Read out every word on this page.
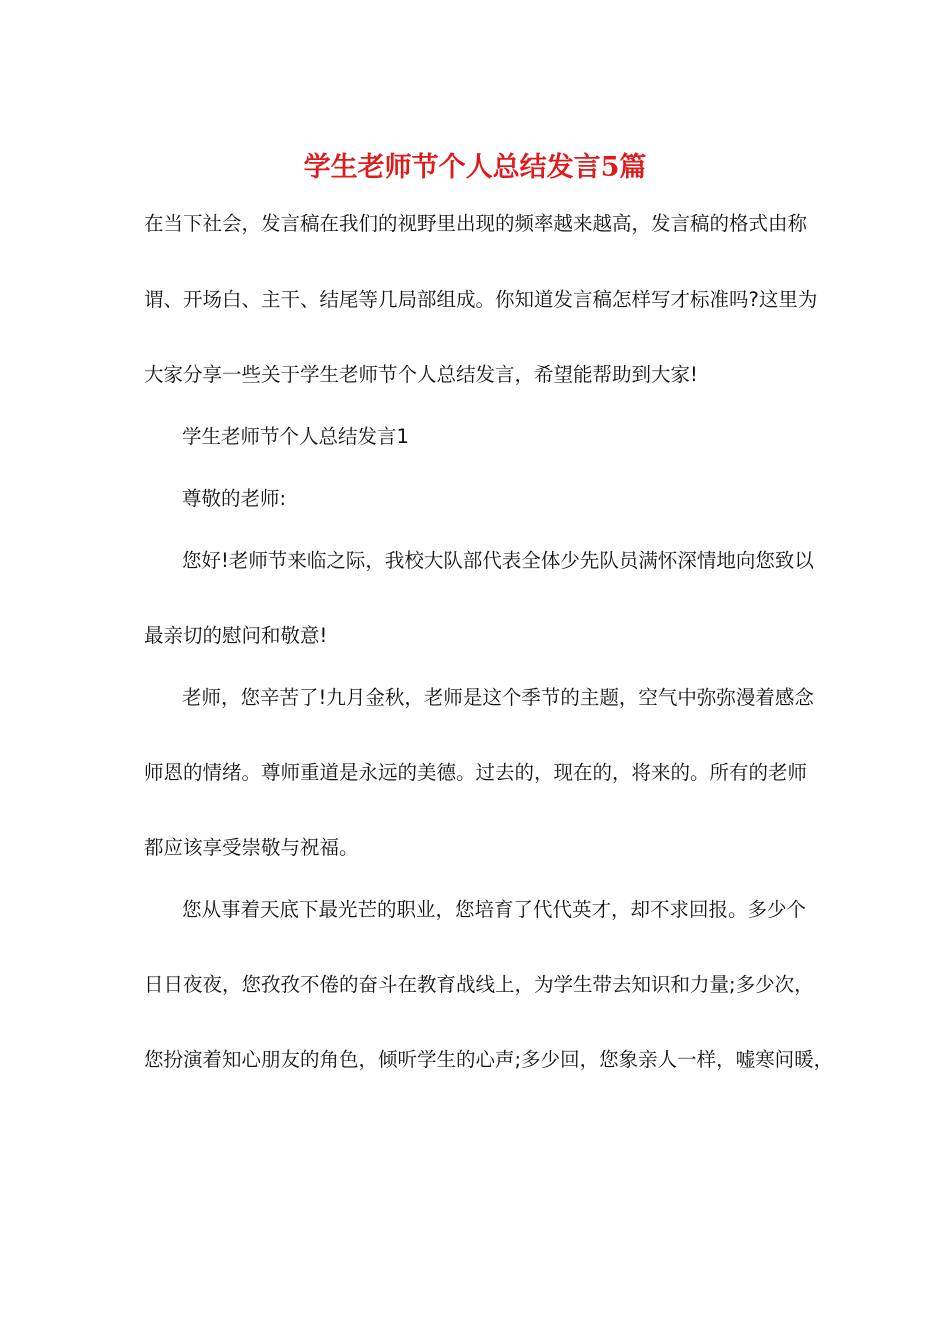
学生老师节个人总结发言5篇

在当下社会，发言稿在我们的视野里出现的频率越来越高，发言稿的格式由称

谓、开场白、主干、结尾等几局部组成。你知道发言稿怎样写才标准吗?这里为

大家分享一些关于学生老师节个人总结发言，希望能帮助到大家!

学生老师节个人总结发言1

尊敬的老师:

您好!老师节来临之际，我校大队部代表全体少先队员满怀深情地向您致以

最亲切的慰问和敬意!

老师，您辛苦了!九月金秋，老师是这个季节的主题，空气中弥弥漫着感念

师恩的情绪。尊师重道是永远的美德。过去的，现在的，将来的。所有的老师

都应该享受崇敬与祝福。

您从事着天底下最光芒的职业，您培育了代代英才，却不求回报。多少个

日日夜夜，您孜孜不倦的奋斗在教育战线上，为学生带去知识和力量;多少次，

您扮演着知心朋友的角色，倾听学生的心声;多少回，您象亲人一样，嘘寒问暖，
